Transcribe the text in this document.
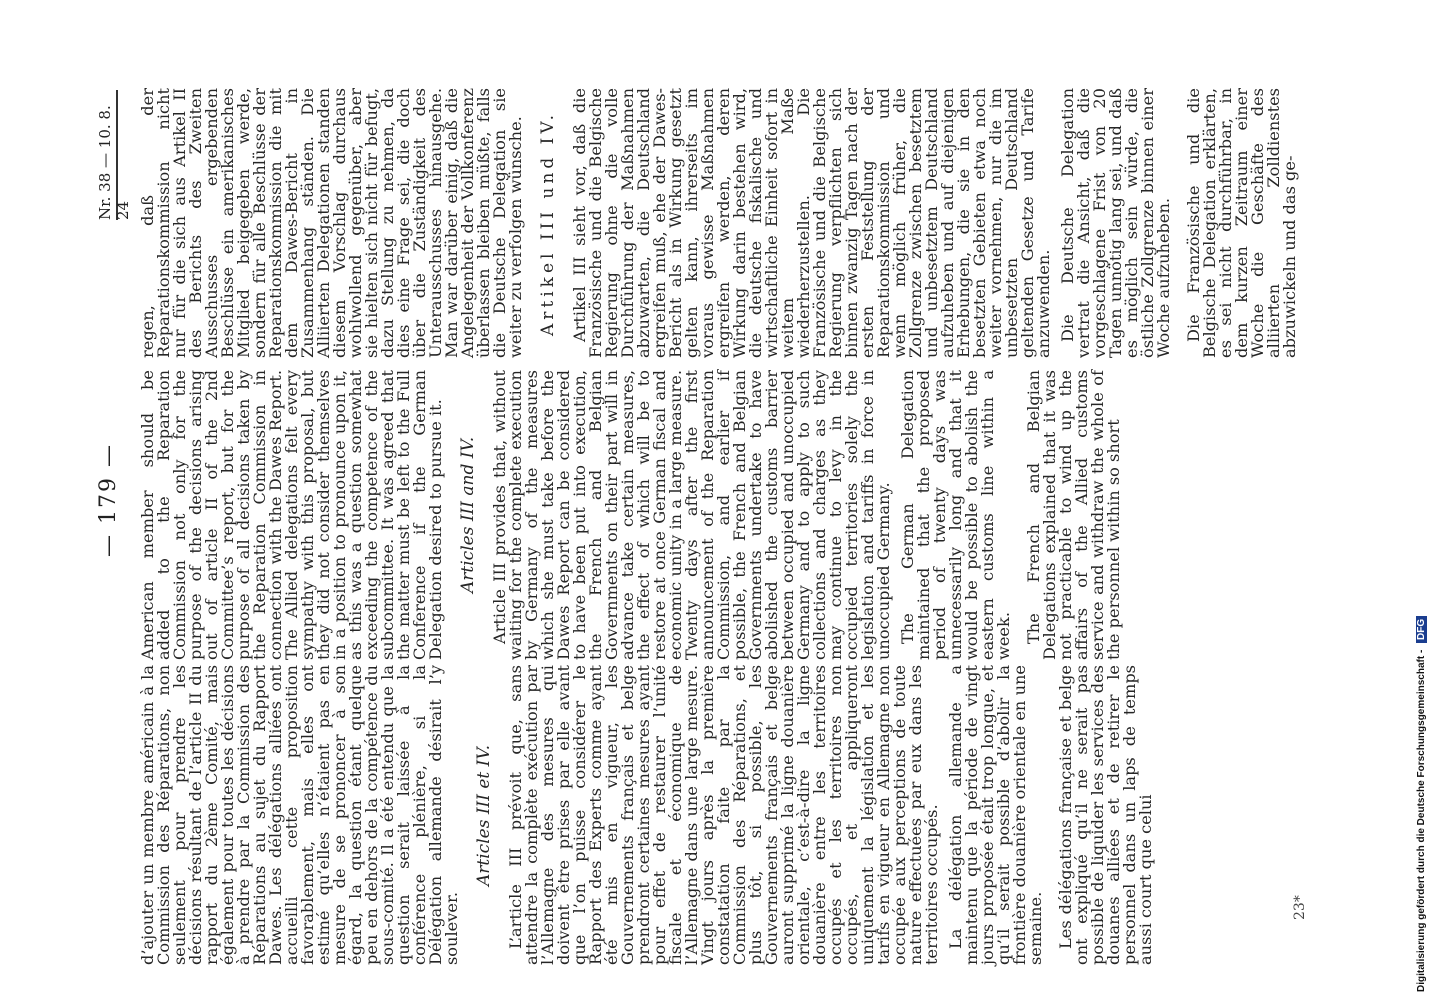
Digitalisierung gefördert durch die Deutsche Forschungsgemeinschaft - DFG
— 179 —
Nr. 38 — 10. 8. 24
23*

American member should be added to the Reparation Commission not only for the purpose of the decisions arising out of article II of the 2nd Committee’s report, but for the purpose of all decisions taken by the Reparation Commission in connection with the Dawes Report. The Allied delegations felt every sympathy with this proposal, but they did not consider themselves in a position to pronounce upon it, as this was a question somewhat exceeding the competence of the subcommittee. It was agreed that the matter must be left to the Full Conference if the German Delegation desired to pursue it. Articles III and IV. Article III provides that, without waiting for the complete execution by Germany of the measures which she must take before the Dawes Report can be considered to have been put into execution, the French and Belgian Governments on their part will in advance take certain measures, the effect of which will be to restore at once German fiscal and economic unity in a large measure. Twenty days after the first announcement of the Reparation Commission, and earlier if possible, the French and Belgian Governments undertake to have abolished the customs barrier between occupied and unoccupied Germany and to apply to such collections and charges as they may continue to levy in the occupied territories solely the legislation and tariffs in force in unoccupied Germany. The German Delegation maintained that the proposed period of twenty days was unnecessarily long and that it would be possible to abolish the eastern customs line within a week. The French and Belgian Delegations explained that it was not practicable to wind up the affairs of the Allied customs service and withdraw the whole of the personnel within so short

regen, daß der Reparationskommission nicht nur für die sich aus Artikel II des Berichts des Zweiten Ausschusses ergebenden Beschlüsse ein amerikanisches Mitglied beigegeben werde, sondern für alle Beschlüsse der Reparationskommission die mit dem Dawes-Bericht in Zusammenhang ständen. Die Alliierten Delegationen standen diesem Vorschlag durchaus wohlwollend gegenüber, aber sie hielten sich nicht für befugt, dazu Stellung zu nehmen, da dies eine Frage sei, die doch über die Zuständigkeit des Unterausschusses hinausgehe. Man war darüber einig, daß die Angelegenheit der Vollkonferenz überlassen bleiben müßte, falls die Deutsche Delegation sie weiter zu verfolgen wünsche. Artikel III und IV. Artikel III sieht vor, daß die Französische und die Belgische Regierung ohne die volle Durchführung der Maßnahmen abzuwarten, die Deutschland ergreifen muß, ehe der Dawes-Bericht als in Wirkung gesetzt gelten kann, ihrerseits im voraus gewisse Maßnahmen ergreifen werden, deren Wirkung darin bestehen wird, die deutsche fiskalische und wirtschaftliche Einheit sofort in weitem Maße wiederherzustellen. Die Französische und die Belgische Regierung verpflichten sich binnen zwanzig Tagen nach der ersten Feststellung der Reparationskommission und wenn möglich früher, die Zollgrenze zwischen besetztem und unbesetztem Deutschland aufzuheben und auf diejenigen Erhebungen, die sie in den besetzten Gebieten etwa noch weiter vornehmen, nur die im unbesetzten Deutschland geltenden Gesetze und Tarife anzuwenden. Die Deutsche Delegation vertrat die Ansicht, daß die vorgeschlagene Frist von 20 Tagen unnötig lang sei, und daß es möglich sein würde, die östliche Zollgrenze binnen einer Woche aufzuheben. Die Französische und die Belgische Delegation erklärten, es sei nicht durchführbar, in dem kurzen Zeitraum einer Woche die Geschäfte des alliierten Zolldienstes abzuwickeln und das ge-

d’ajouter un membre américain à la Commission des Réparations, non seulement pour prendre les décisions résultant de l’article II du rapport du 2ème Comité, mais également pour toutes les décisions à prendre par la Commission des Réparations au sujet du Rapport Dawes. Les délégations alliées ont accueilli cette proposition favorablement, mais elles ont estimé qu’elles n’étaient pas en mesure de se prononcer à son égard, la question étant quelque peu en dehors de la compétence du sous-comité. Il a été entendu que la question serait laissée à la conférence plénière, si la Délégation allemande désirait l’y soulever.

Articles III et IV. L’article III prévoit que, sans attendre la complète exécution par l’Allemagne des mesures qui doivent être prises par elle avant que l’on puisse considérer le Rapport des Experts comme ayant été mis en vigueur, les Gouvernements français et belge prendront certaines mesures ayant pour effet de restaurer l’unité fiscale et économique de l’Allemagne dans une large mesure. Vingt jours après la première constatation faite par la Commission des Réparations, et plus tôt, si possible, les Gouvernements français et belge auront supprimé la ligne douanière orientale, c’est-à-dire la ligne douanière entre les territoires occupés et les territoires non occupés, et appliqueront uniquement la législation et les tarifs en vigueur en Allemagne non occupée aux perceptions de toute nature effectuées par eux dans les territoires occupés. La délégation allemande a maintenu que la période de vingt jours proposée était trop longue, et qu’il serait possible d’abolir la frontière douanière orientale en une semaine. Les délégations française et belge ont expliqué qu’il ne serait pas possible de liquider les services des douanes alliées et de retirer le personnel dans un laps de temps aussi court que celui
